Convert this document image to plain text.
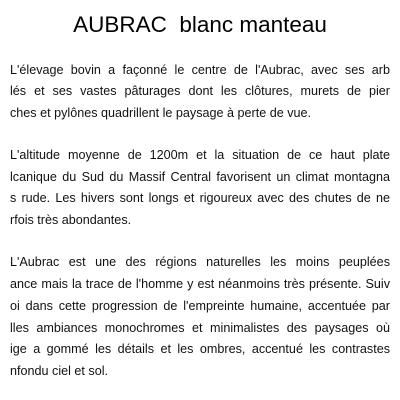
AUBRAC  blanc manteau

L'élevage bovin a façonné le centre de l'Aubrac, avec ses arb

lés et ses vastes pâturages dont les clôtures, murets de pier

ches et pylônes quadrillent le paysage à perte de vue.

L'altitude moyenne de 1200m et la situation de ce haut plate

lcanique du Sud du Massif Central favorisent un climat montagna

s rude. Les hivers sont longs et rigoureux avec des chutes de ne

rfois très abondantes.

L'Aubrac est une des régions naturelles les moins peuplées

ance mais la trace de l'homme y est néanmoins très présente. Suiv

oi dans cette progression de l'empreinte humaine, accentuée par

lles ambiances monochromes et minimalistes des paysages où

ige a gommé les détails et les ombres, accentué les contrastes

nfondu ciel et sol.
